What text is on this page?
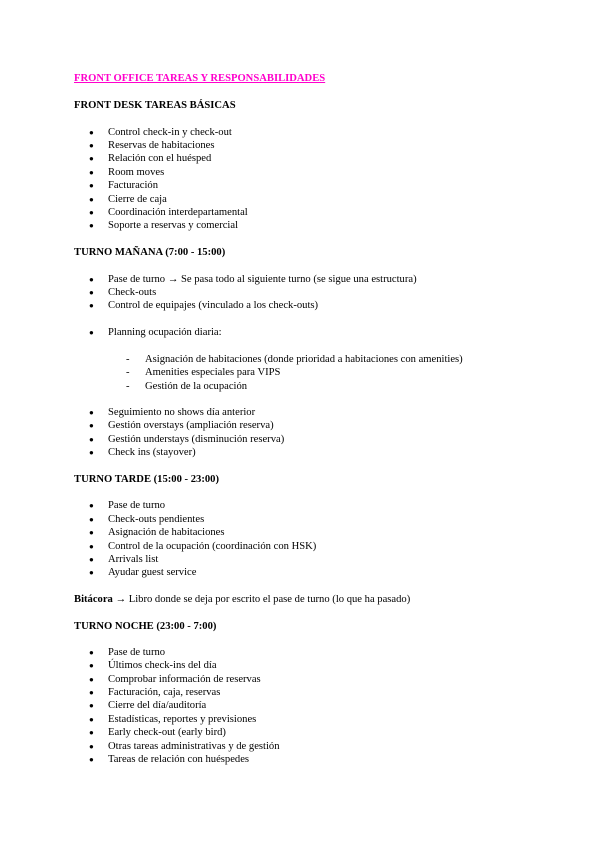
FRONT OFFICE TAREAS Y RESPONSABILIDADES
FRONT DESK TAREAS BÁSICAS
● Control check-in y check-out
● Reservas de habitaciones
● Relación con el huésped
● Room moves
● Facturación
● Cierre de caja
● Coordinación interdepartamental
● Soporte a reservas y comercial
TURNO MAÑANA (7:00 - 15:00)
● Pase de turno → Se pasa todo al siguiente turno (se sigue una estructura)
● Check-outs
● Control de equipajes (vinculado a los check-outs)
● Planning ocupación diaria:
- Asignación de habitaciones (donde prioridad a habitaciones con amenities)
- Amenities especiales para VIPS
- Gestión de la ocupación
● Seguimiento no shows día anterior
● Gestión overstays (ampliación reserva)
● Gestión understays (disminución reserva)
● Check ins (stayover)
TURNO TARDE (15:00 - 23:00)
● Pase de turno
● Check-outs pendientes
● Asignación de habitaciones
● Control de la ocupación (coordinación con HSK)
● Arrivals list
● Ayudar guest service
Bitácora → Libro donde se deja por escrito el pase de turno (lo que ha pasado)
TURNO NOCHE (23:00 - 7:00)
● Pase de turno
● Últimos check-ins del día
● Comprobar información de reservas
● Facturación, caja, reservas
● Cierre del día/auditoría
● Estadísticas, reportes y previsiones
● Early check-out (early bird)
● Otras tareas administrativas y de gestión
● Tareas de relación con huéspedes
